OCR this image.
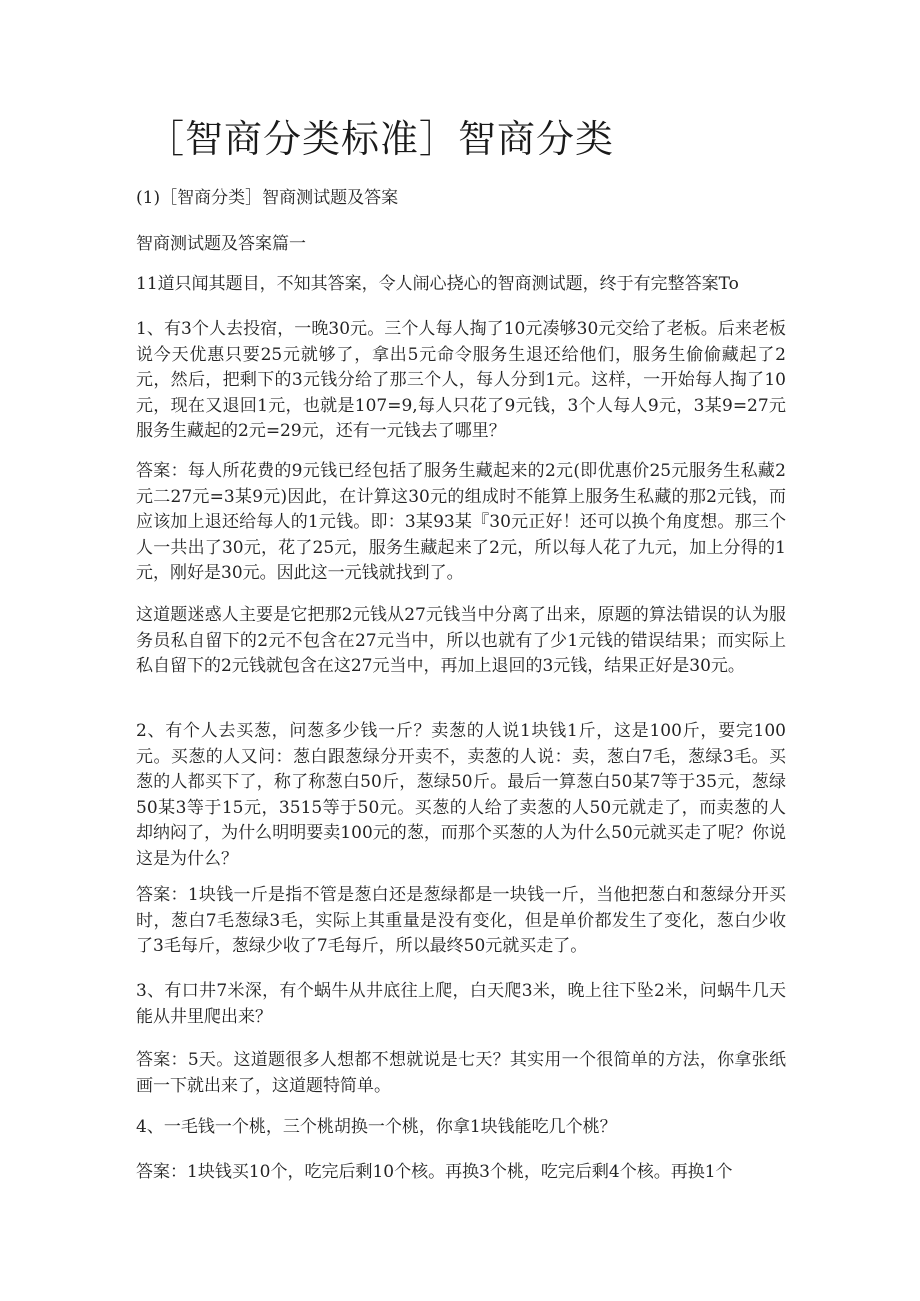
［智商分类标准］智商分类

(1)［智商分类］智商测试题及答案

智商测试题及答案篇一

11道只闻其题目，不知其答案，令人闹心挠心的智商测试题，终于有完整答案To

1、有3个人去投宿，一晚30元。三个人每人掏了10元凑够30元交给了老板。后来老板说今天优惠只要25元就够了，拿出5元命令服务生退还给他们，服务生偷偷藏起了2元，然后，把剩下的3元钱分给了那三个人，每人分到1元。这样，一开始每人掏了10元，现在又退回1元，也就是107=9,每人只花了9元钱，3个人每人9元，3某9=27元服务生藏起的2元=29元，还有一元钱去了哪里？

答案：每人所花费的9元钱已经包括了服务生藏起来的2元(即优惠价25元服务生私藏2元二27元=3某9元)因此，在计算这30元的组成时不能算上服务生私藏的那2元钱，而应该加上退还给每人的1元钱。即：3某93某『30元正好！还可以换个角度想。那三个人一共出了30元，花了25元，服务生藏起来了2元，所以每人花了九元，加上分得的1元，刚好是30元。因此这一元钱就找到了。

这道题迷惑人主要是它把那2元钱从27元钱当中分离了出来，原题的算法错误的认为服务员私自留下的2元不包含在27元当中，所以也就有了少1元钱的错误结果；而实际上私自留下的2元钱就包含在这27元当中，再加上退回的3元钱，结果正好是30元。

2、有个人去买葱，问葱多少钱一斤？卖葱的人说1块钱1斤，这是100斤，要完100元。买葱的人又问：葱白跟葱绿分开卖不，卖葱的人说：卖，葱白7毛，葱绿3毛。买葱的人都买下了，称了称葱白50斤，葱绿50斤。最后一算葱白50某7等于35元，葱绿50某3等于15元，3515等于50元。买葱的人给了卖葱的人50元就走了，而卖葱的人却纳闷了，为什么明明要卖100元的葱，而那个买葱的人为什么50元就买走了呢？你说这是为什么？

答案：1块钱一斤是指不管是葱白还是葱绿都是一块钱一斤，当他把葱白和葱绿分开买时，葱白7毛葱绿3毛，实际上其重量是没有变化，但是单价都发生了变化，葱白少收了3毛每斤，葱绿少收了7毛每斤，所以最终50元就买走了。

3、有口井7米深，有个蜗牛从井底往上爬，白天爬3米，晚上往下坠2米，问蜗牛几天能从井里爬出来？

答案：5天。这道题很多人想都不想就说是七天？其实用一个很简单的方法，你拿张纸画一下就出来了，这道题特简单。

4、一毛钱一个桃，三个桃胡换一个桃，你拿1块钱能吃几个桃？

答案：1块钱买10个，吃完后剩10个核。再换3个桃，吃完后剩4个核。再换1个
